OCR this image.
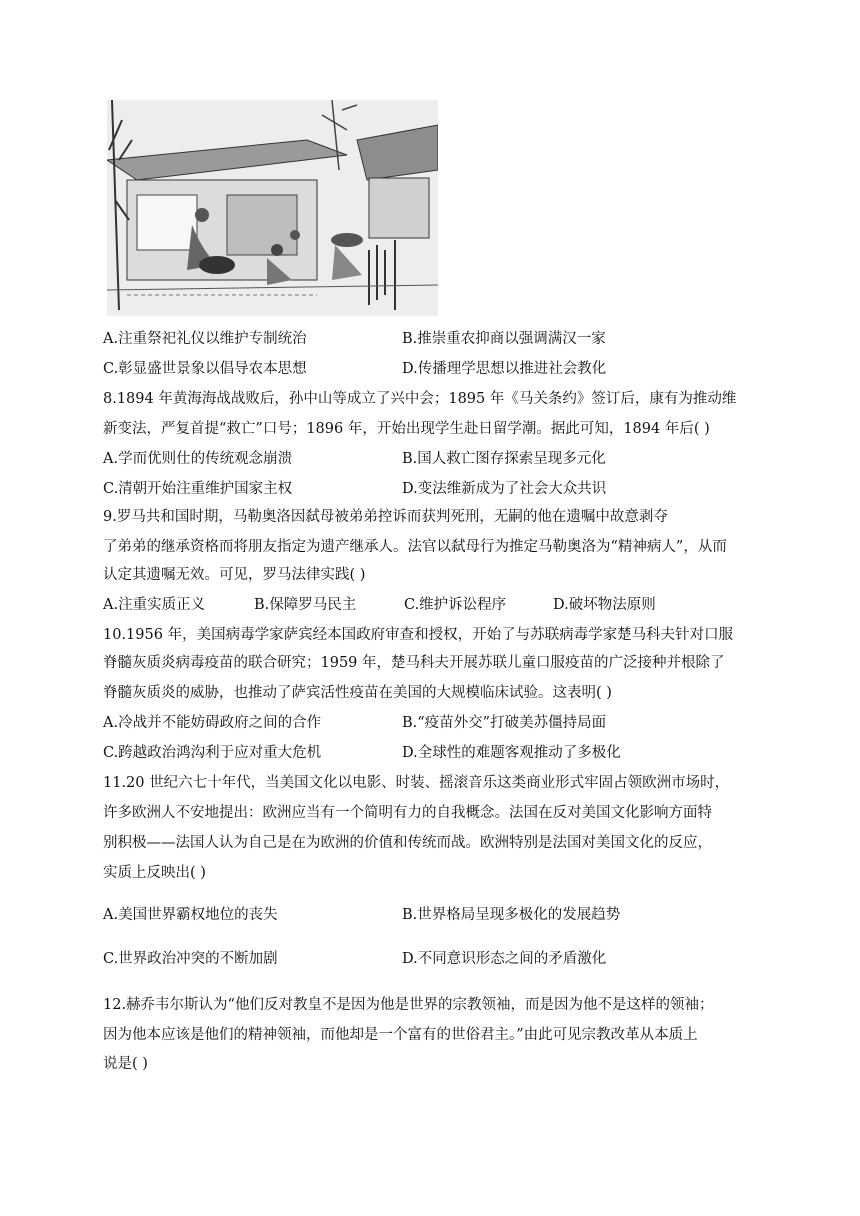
A.注重祭祀礼仪以维护专制统治	B.推崇重农抑商以强调满汉一家
C.彰显盛世景象以倡导农本思想	D.传播理学思想以推进社会教化
8.1894 年黄海海战战败后，孙中山等成立了兴中会；1895 年《马关条约》签订后，康有为推动维
新变法，严复首提“救亡”口号；1896 年，开始出现学生赴日留学潮。据此可知，1894 年后( )
A.学而优则仕的传统观念崩溃	B.国人救亡图存探索呈现多元化
C.清朝开始注重维护国家主权	D.变法维新成为了社会大众共识
9.罗马共和国时期，马勒奥洛因弑母被弟弟控诉而获判死刑，无嗣的他在遗嘱中故意剥夺
了弟弟的继承资格而将朋友指定为遗产继承人。法官以弑母行为推定马勒奥洛为“精神病人”，从而
认定其遗嘱无效。可见，罗马法律实践( )
A.注重实质正义	B.保障罗马民主	C.维护诉讼程序	D.破坏物法原则
10.1956 年，美国病毒学家萨宾经本国政府审查和授权，开始了与苏联病毒学家楚马科夫针对口服
脊髓灰质炎病毒疫苗的联合研究；1959 年，楚马科夫开展苏联儿童口服疫苗的广泛接种并根除了
脊髓灰质炎的威胁，也推动了萨宾活性疫苗在美国的大规模临床试验。这表明( )
A.冷战并不能妨碍政府之间的合作	B.“疫苗外交”打破美苏僵持局面
C.跨越政治鸿沟利于应对重大危机	D.全球性的难题客观推动了多极化
11.20 世纪六七十年代，当美国文化以电影、时装、摇滚音乐这类商业形式牢固占领欧洲市场时，
许多欧洲人不安地提出：欧洲应当有一个简明有力的自我概念。法国在反对美国文化影响方面特
别积极——法国人认为自己是在为欧洲的价值和传统而战。欧洲特别是法国对美国文化的反应，
实质上反映出( )
A.美国世界霸权地位的丧失	B.世界格局呈现多极化的发展趋势
C.世界政治冲突的不断加剧	D.不同意识形态之间的矛盾激化
12.赫乔韦尔斯认为“他们反对教皇不是因为他是世界的宗教领袖，而是因为他不是这样的领袖；
因为他本应该是他们的精神领袖，而他却是一个富有的世俗君主。”由此可见宗教改革从本质上
说是( )
